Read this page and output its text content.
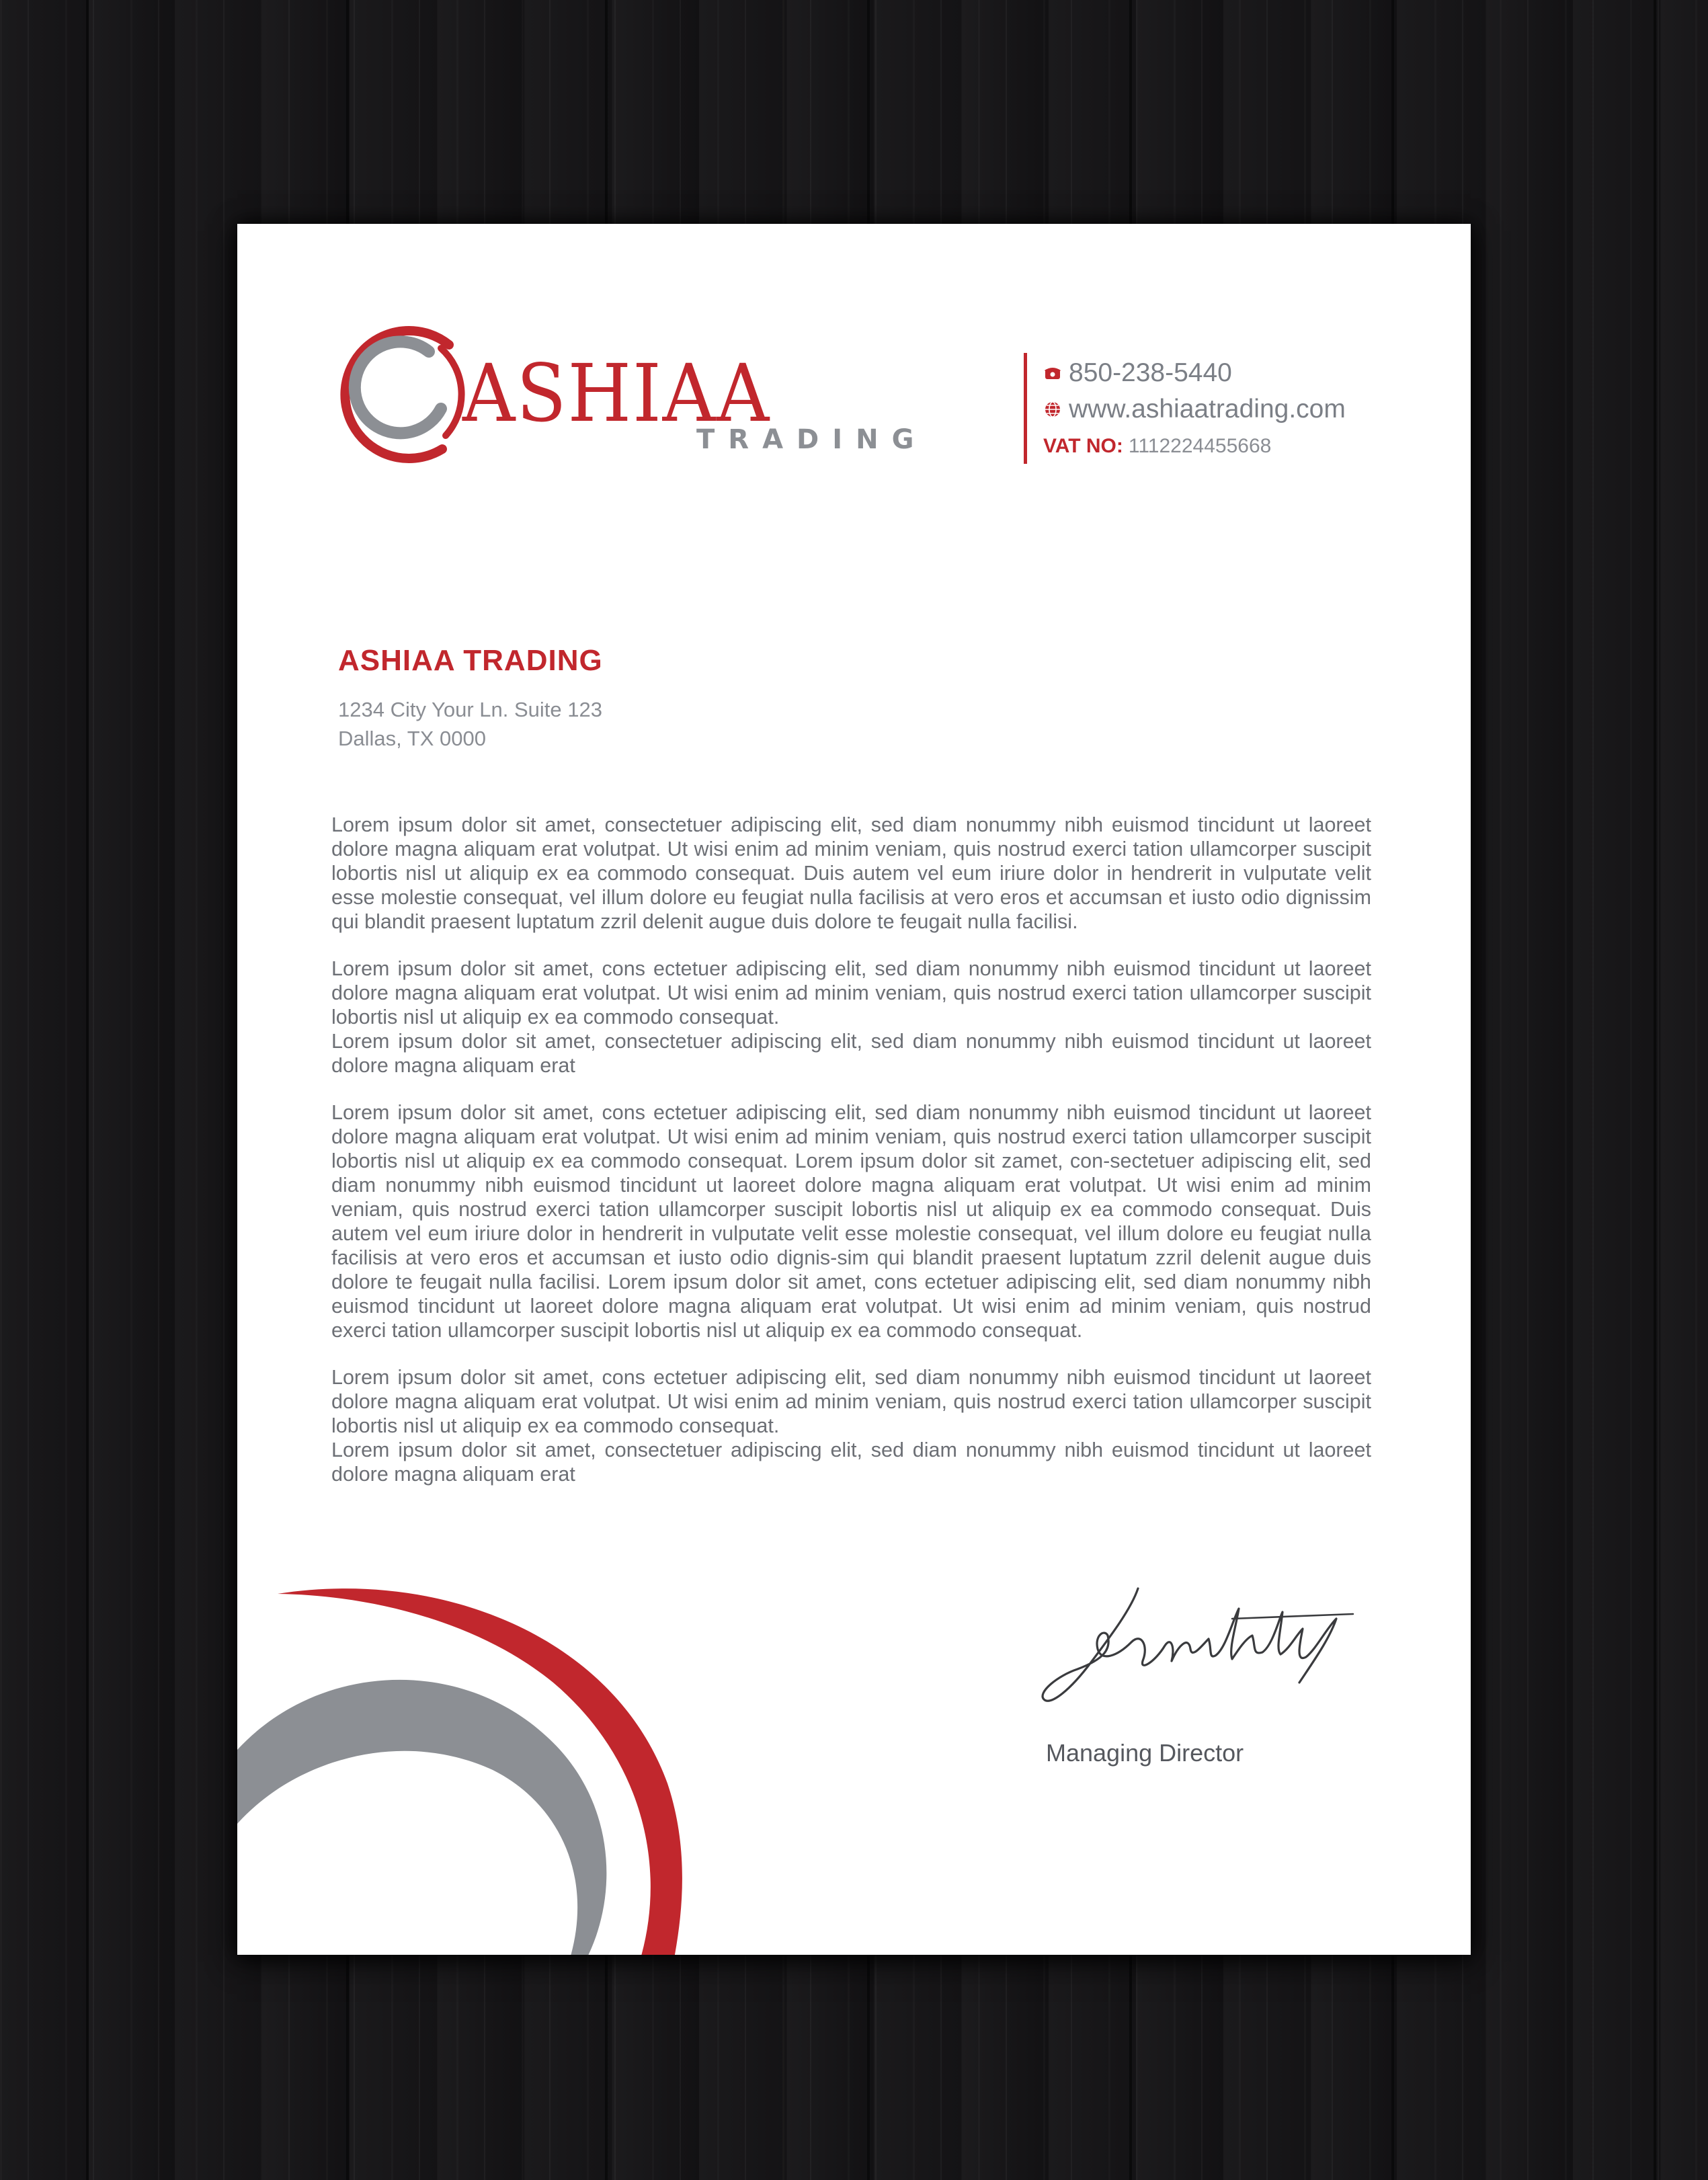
ASHIAA
TRADING
850-238-5440
www.ashiaatrading.com
VAT NO: 1112224455668
ASHIAA TRADING
1234 City Your Ln. Suite 123
Dallas, TX 0000

Lorem ipsum dolor sit amet, consectetuer adipiscing elit, sed diam nonummy nibh euismod tincidunt ut laoreet dolore magna aliquam erat volutpat. Ut wisi enim ad minim veniam, quis nostrud exerci tation ullamcorper suscipit lobortis nisl ut aliquip ex ea commodo consequat. Duis autem vel eum iriure dolor in hendrerit in vulputate velit esse molestie consequat, vel illum dolore eu feugiat nulla facilisis at vero eros et accumsan et iusto odio dignissim qui blandit praesent luptatum zzril delenit augue duis dolore te feugait nulla facilisi.

Lorem ipsum dolor sit amet, cons ectetuer adipiscing elit, sed diam nonummy nibh euismod tincidunt ut laoreet dolore magna aliquam erat volutpat. Ut wisi enim ad minim veniam, quis nostrud exerci tation ullamcorper suscipit lobortis nisl ut aliquip ex ea commodo consequat.
Lorem ipsum dolor sit amet, consectetuer adipiscing elit, sed diam nonummy nibh euismod tincidunt ut laoreet dolore magna aliquam erat

Lorem ipsum dolor sit amet, cons ectetuer adipiscing elit, sed diam nonummy nibh euismod tincidunt ut laoreet dolore magna aliquam erat volutpat. Ut wisi enim ad minim veniam, quis nostrud exerci tation ullamcorper suscipit lobortis nisl ut aliquip ex ea commodo consequat. Lorem ipsum dolor sit zamet, con-sectetuer adipiscing elit, sed diam nonummy nibh euismod tincidunt ut laoreet dolore magna aliquam erat volutpat. Ut wisi enim ad minim veniam, quis nostrud exerci tation ullamcorper suscipit lobortis nisl ut aliquip ex ea commodo consequat. Duis autem vel eum iriure dolor in hendrerit in vulputate velit esse molestie consequat, vel illum dolore eu feugiat nulla facilisis at vero eros et accumsan et iusto odio dignis-sim qui blandit praesent luptatum zzril delenit augue duis dolore te feugait nulla facilisi. Lorem ipsum dolor sit amet, cons ectetuer adipiscing elit, sed diam nonummy nibh euismod tincidunt ut laoreet dolore magna aliquam erat volutpat. Ut wisi enim ad minim veniam, quis nostrud exerci tation ullamcorper suscipit lobortis nisl ut aliquip ex ea commodo consequat.

Lorem ipsum dolor sit amet, cons ectetuer adipiscing elit, sed diam nonummy nibh euismod tincidunt ut laoreet dolore magna aliquam erat volutpat. Ut wisi enim ad minim veniam, quis nostrud exerci tation ullamcorper suscipit lobortis nisl ut aliquip ex ea commodo consequat.
Lorem ipsum dolor sit amet, consectetuer adipiscing elit, sed diam nonummy nibh euismod tincidunt ut laoreet dolore magna aliquam erat

Managing Director
